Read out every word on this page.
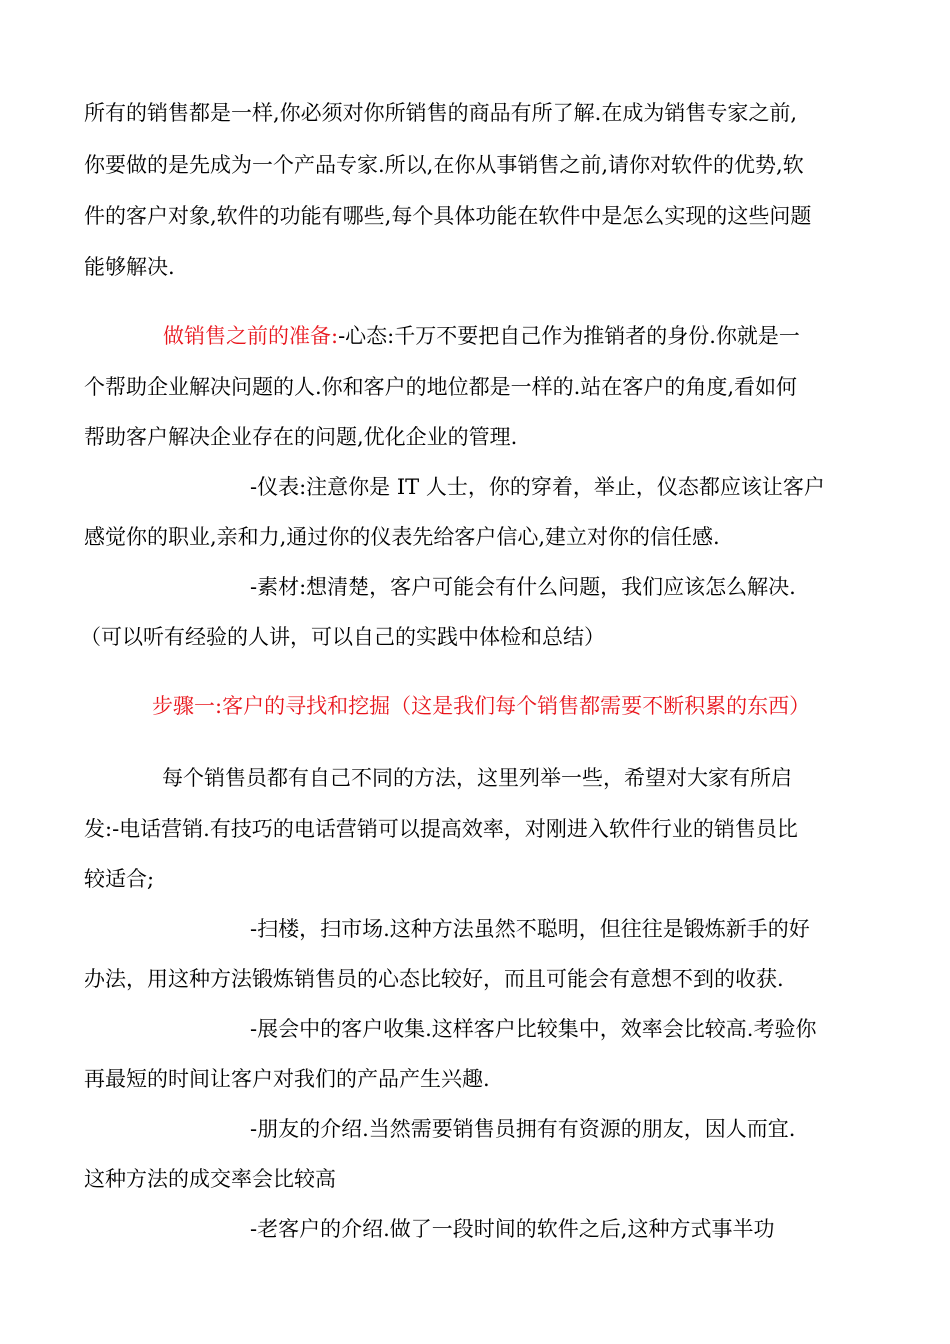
所有的销售都是一样,你必须对你所销售的商品有所了解.在成为销售专家之前,

你要做的是先成为一个产品专家.所以,在你从事销售之前,请你对软件的优势,软

件的客户对象,软件的功能有哪些,每个具体功能在软件中是怎么实现的这些问题

能够解决.

做销售之前的准备:-心态:千万不要把自己作为推销者的身份.你就是一

个帮助企业解决问题的人.你和客户的地位都是一样的.站在客户的角度,看如何

帮助客户解决企业存在的问题,优化企业的管理.

-仪表:注意你是 IT 人士，你的穿着，举止，仪态都应该让客户

感觉你的职业,亲和力,通过你的仪表先给客户信心,建立对你的信任感.

-素材:想清楚，客户可能会有什么问题，我们应该怎么解决.

（可以听有经验的人讲，可以自己的实践中体检和总结）

步骤一:客户的寻找和挖掘（这是我们每个销售都需要不断积累的东西）

每个销售员都有自己不同的方法，这里列举一些，希望对大家有所启

发:-电话营销.有技巧的电话营销可以提高效率，对刚进入软件行业的销售员比

较适合;

-扫楼，扫市场.这种方法虽然不聪明，但往往是锻炼新手的好

办法，用这种方法锻炼销售员的心态比较好，而且可能会有意想不到的收获.

-展会中的客户收集.这样客户比较集中，效率会比较高.考验你

再最短的时间让客户对我们的产品产生兴趣.

-朋友的介绍.当然需要销售员拥有有资源的朋友，因人而宜.

这种方法的成交率会比较高

-老客户的介绍.做了一段时间的软件之后,这种方式事半功
